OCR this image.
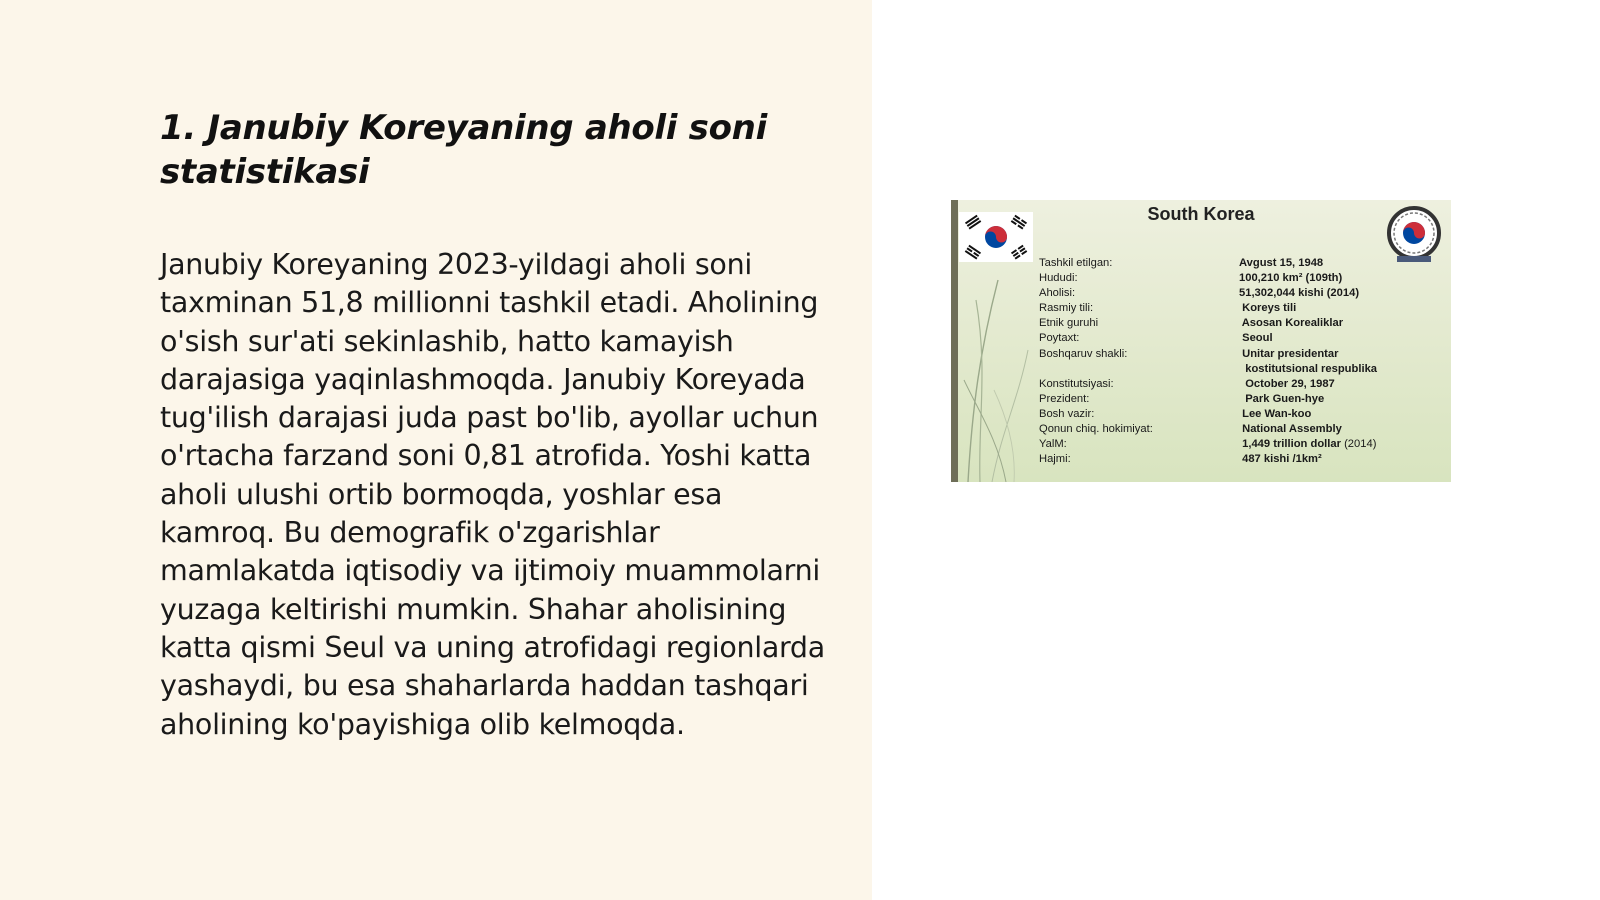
1. Janubiy Koreyaning aholi soni statistikasi

Janubiy Koreyaning 2023-yildagi aholi soni taxminan 51,8 millionni tashkil etadi. Aholining o'sіsh sur'ati sekinlashib, hatto kamayish darajasiga yaqinlashmoqda. Janubiy Koreyada tug'ilish darajasi juda past bo'lib, ayollar uchun o'rtacha farzand soni 0,81 atrofida. Yoshi katta aholi ulushi ortib bormoqda, yoshlar esa kamroq. Bu demografik o'zgarishlar mamlakatda iqtisodiy va ijtimoiy muammolarni yuzaga keltirishi mumkin. Shahar aholisining katta qismi Seul va uning atrofidagi regionlarda yashaydi, bu esa shaharlarda haddan tashqari aholining ko'payishiga olib kelmoqda.

South Korea
Tashkil etilgan:	Avgust 15, 1948
Hududi:	100,210 km² (109th)
Aholisi:	51,302,044 kishi (2014)
Rasmiy tili:	Koreys tili
Etnik guruhi	Asosan Korealiklar
Poytaxt:	Seoul
Boshqaruv shakli:	Unitar presidentar
kostitutsional respublika
Konstitutsiyasi:	October 29, 1987
Prezident:	Park Guen-hye
Bosh vazir:	Lee Wan-koo
Qonun chiq. hokimiyat:	National Assembly
YalM:	1,449 trillion dollar (2014)
Hajmi:	487 kishi /1km²
